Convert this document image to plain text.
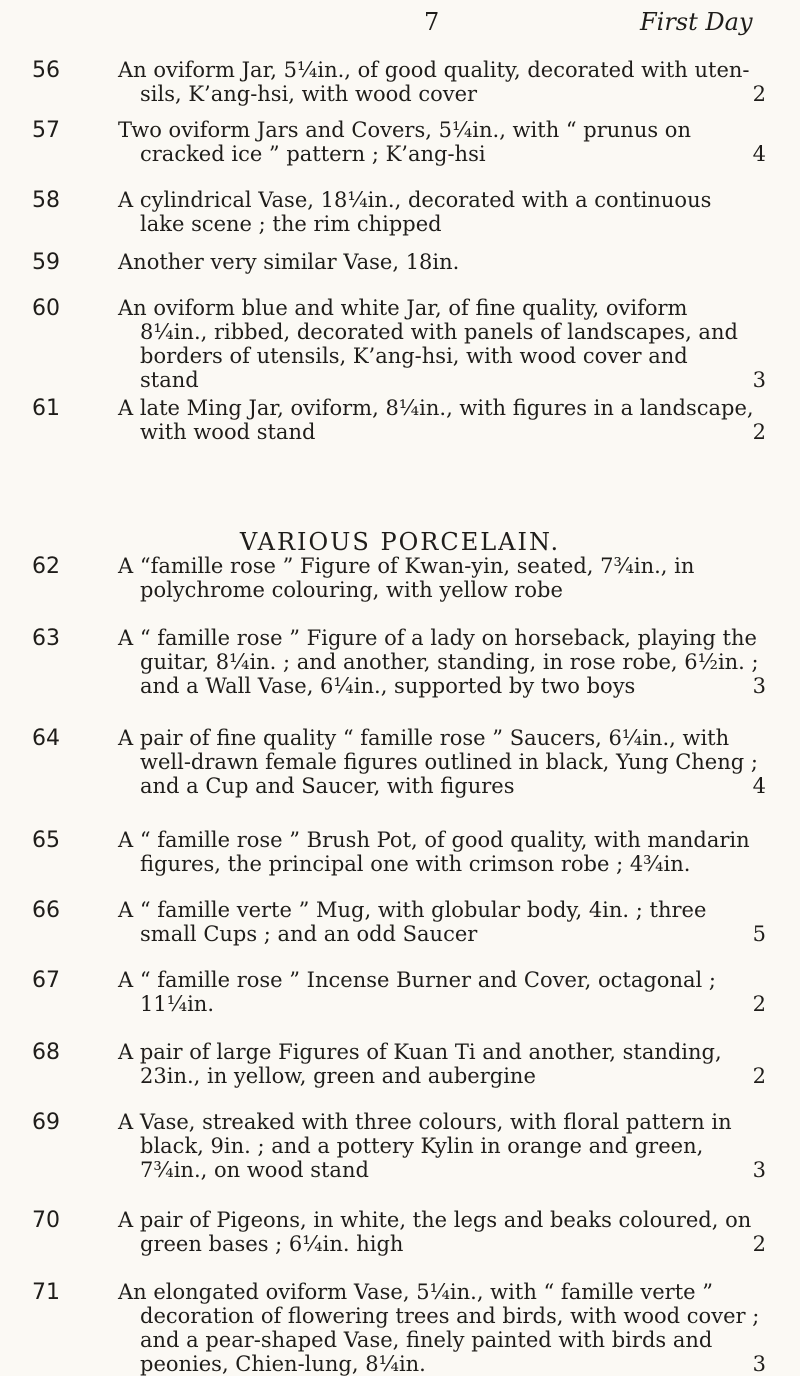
7	First Day
VARIOUS PORCELAIN.
56	An oviform Jar, 5¼in., of good quality, decorated with uten-
sils, K’ang-hsi, with wood cover	2
57	Two oviform Jars and Covers, 5¼in., with “ prunus on
cracked ice ” pattern ; K’ang-hsi	4
58	A cylindrical Vase, 18¼in., decorated with a continuous
lake scene ; the rim chipped
59	Another very similar Vase, 18in.
60	An oviform blue and white Jar, of fine quality, oviform
8¼in., ribbed, decorated with panels of landscapes, and
borders of utensils, K’ang-hsi, with wood cover and
stand	3
61	A late Ming Jar, oviform, 8¼in., with figures in a landscape,
with wood stand	2
62	A “famille rose ” Figure of Kwan-yin, seated, 7¾in., in
polychrome colouring, with yellow robe
63	A “ famille rose ” Figure of a lady on horseback, playing the
guitar, 8¼in. ; and another, standing, in rose robe, 6½in. ;
and a Wall Vase, 6¼in., supported by two boys	3
64	A pair of fine quality “ famille rose ” Saucers, 6¼in., with
well-drawn female figures outlined in black, Yung Cheng ;
and a Cup and Saucer, with figures	4
65	A “ famille rose ” Brush Pot, of good quality, with mandarin
figures, the principal one with crimson robe ; 4¾in.
66	A “ famille verte ” Mug, with globular body, 4in. ; three
small Cups ; and an odd Saucer	5
67	A “ famille rose ” Incense Burner and Cover, octagonal ;
11¼in.	2
68	A pair of large Figures of Kuan Ti and another, standing,
23in., in yellow, green and aubergine	2
69	A Vase, streaked with three colours, with floral pattern in
black, 9in. ; and a pottery Kylin in orange and green,
7¾in., on wood stand	3
70	A pair of Pigeons, in white, the legs and beaks coloured, on
green bases ; 6¼in. high	2
71	An elongated oviform Vase, 5¼in., with “ famille verte ”
decoration of flowering trees and birds, with wood cover ;
and a pear-shaped Vase, finely painted with birds and
peonies, Chien-lung, 8¼in.	3
